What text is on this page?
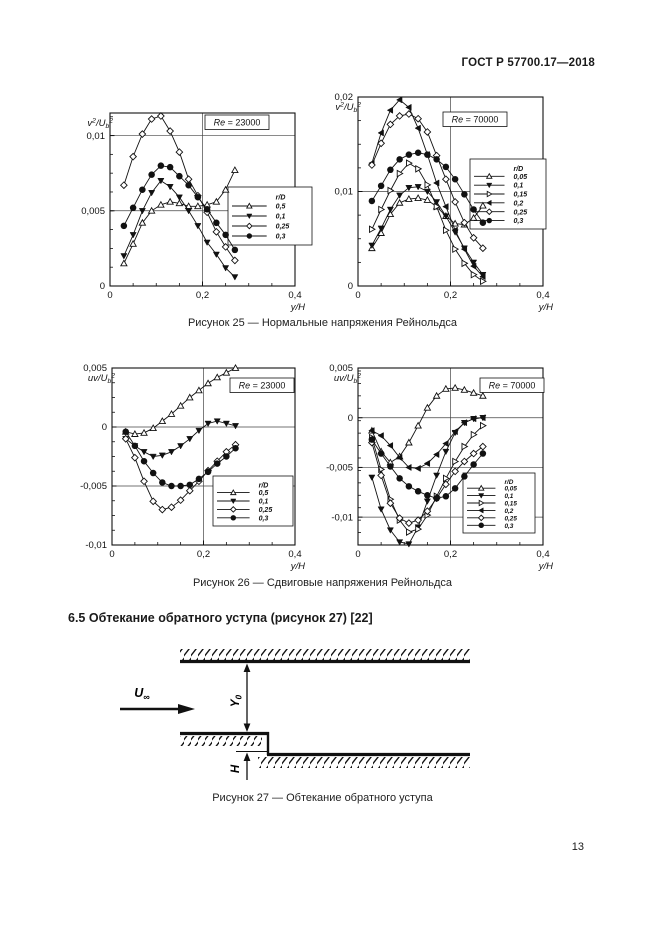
ГОСТ Р 57700.17—2018
0	0,2	0,4
0
0,005
0,01
$v^2/U_b^2$
y/H
Re = 23000
r/D
0,5
0,1
0,25
0,3
0	0,2	0,4
0
0,01
0,02
$v^2/U_b^2$
y/H
Re = 70000
r/D
0,05
0,1
0,15
0,2
0,25
0,3
Рисунок 25 — Нормальные напряжения Рейнольдса
0	0,2	0,4
0,005
0
-0,005
-0,01
$uv/U_b^2$
y/H
Re = 23000
r/D
0,5
0,1
0,25
0,3
0	0,2	0,4
0,005
0
-0,005
-0,01
$uv/U_b^2$
y/H
Re = 70000
r/D
0,05
0,1
0,15
0,2
0,25
0,3
Рисунок 26 — Сдвиговые напряжения Рейнольдса
6.5 Обтекание обратного уступа (рисунок 27) [22]
$U_\infty$
$Y_0$
H
Рисунок 27 — Обтекание обратного уступа
13
